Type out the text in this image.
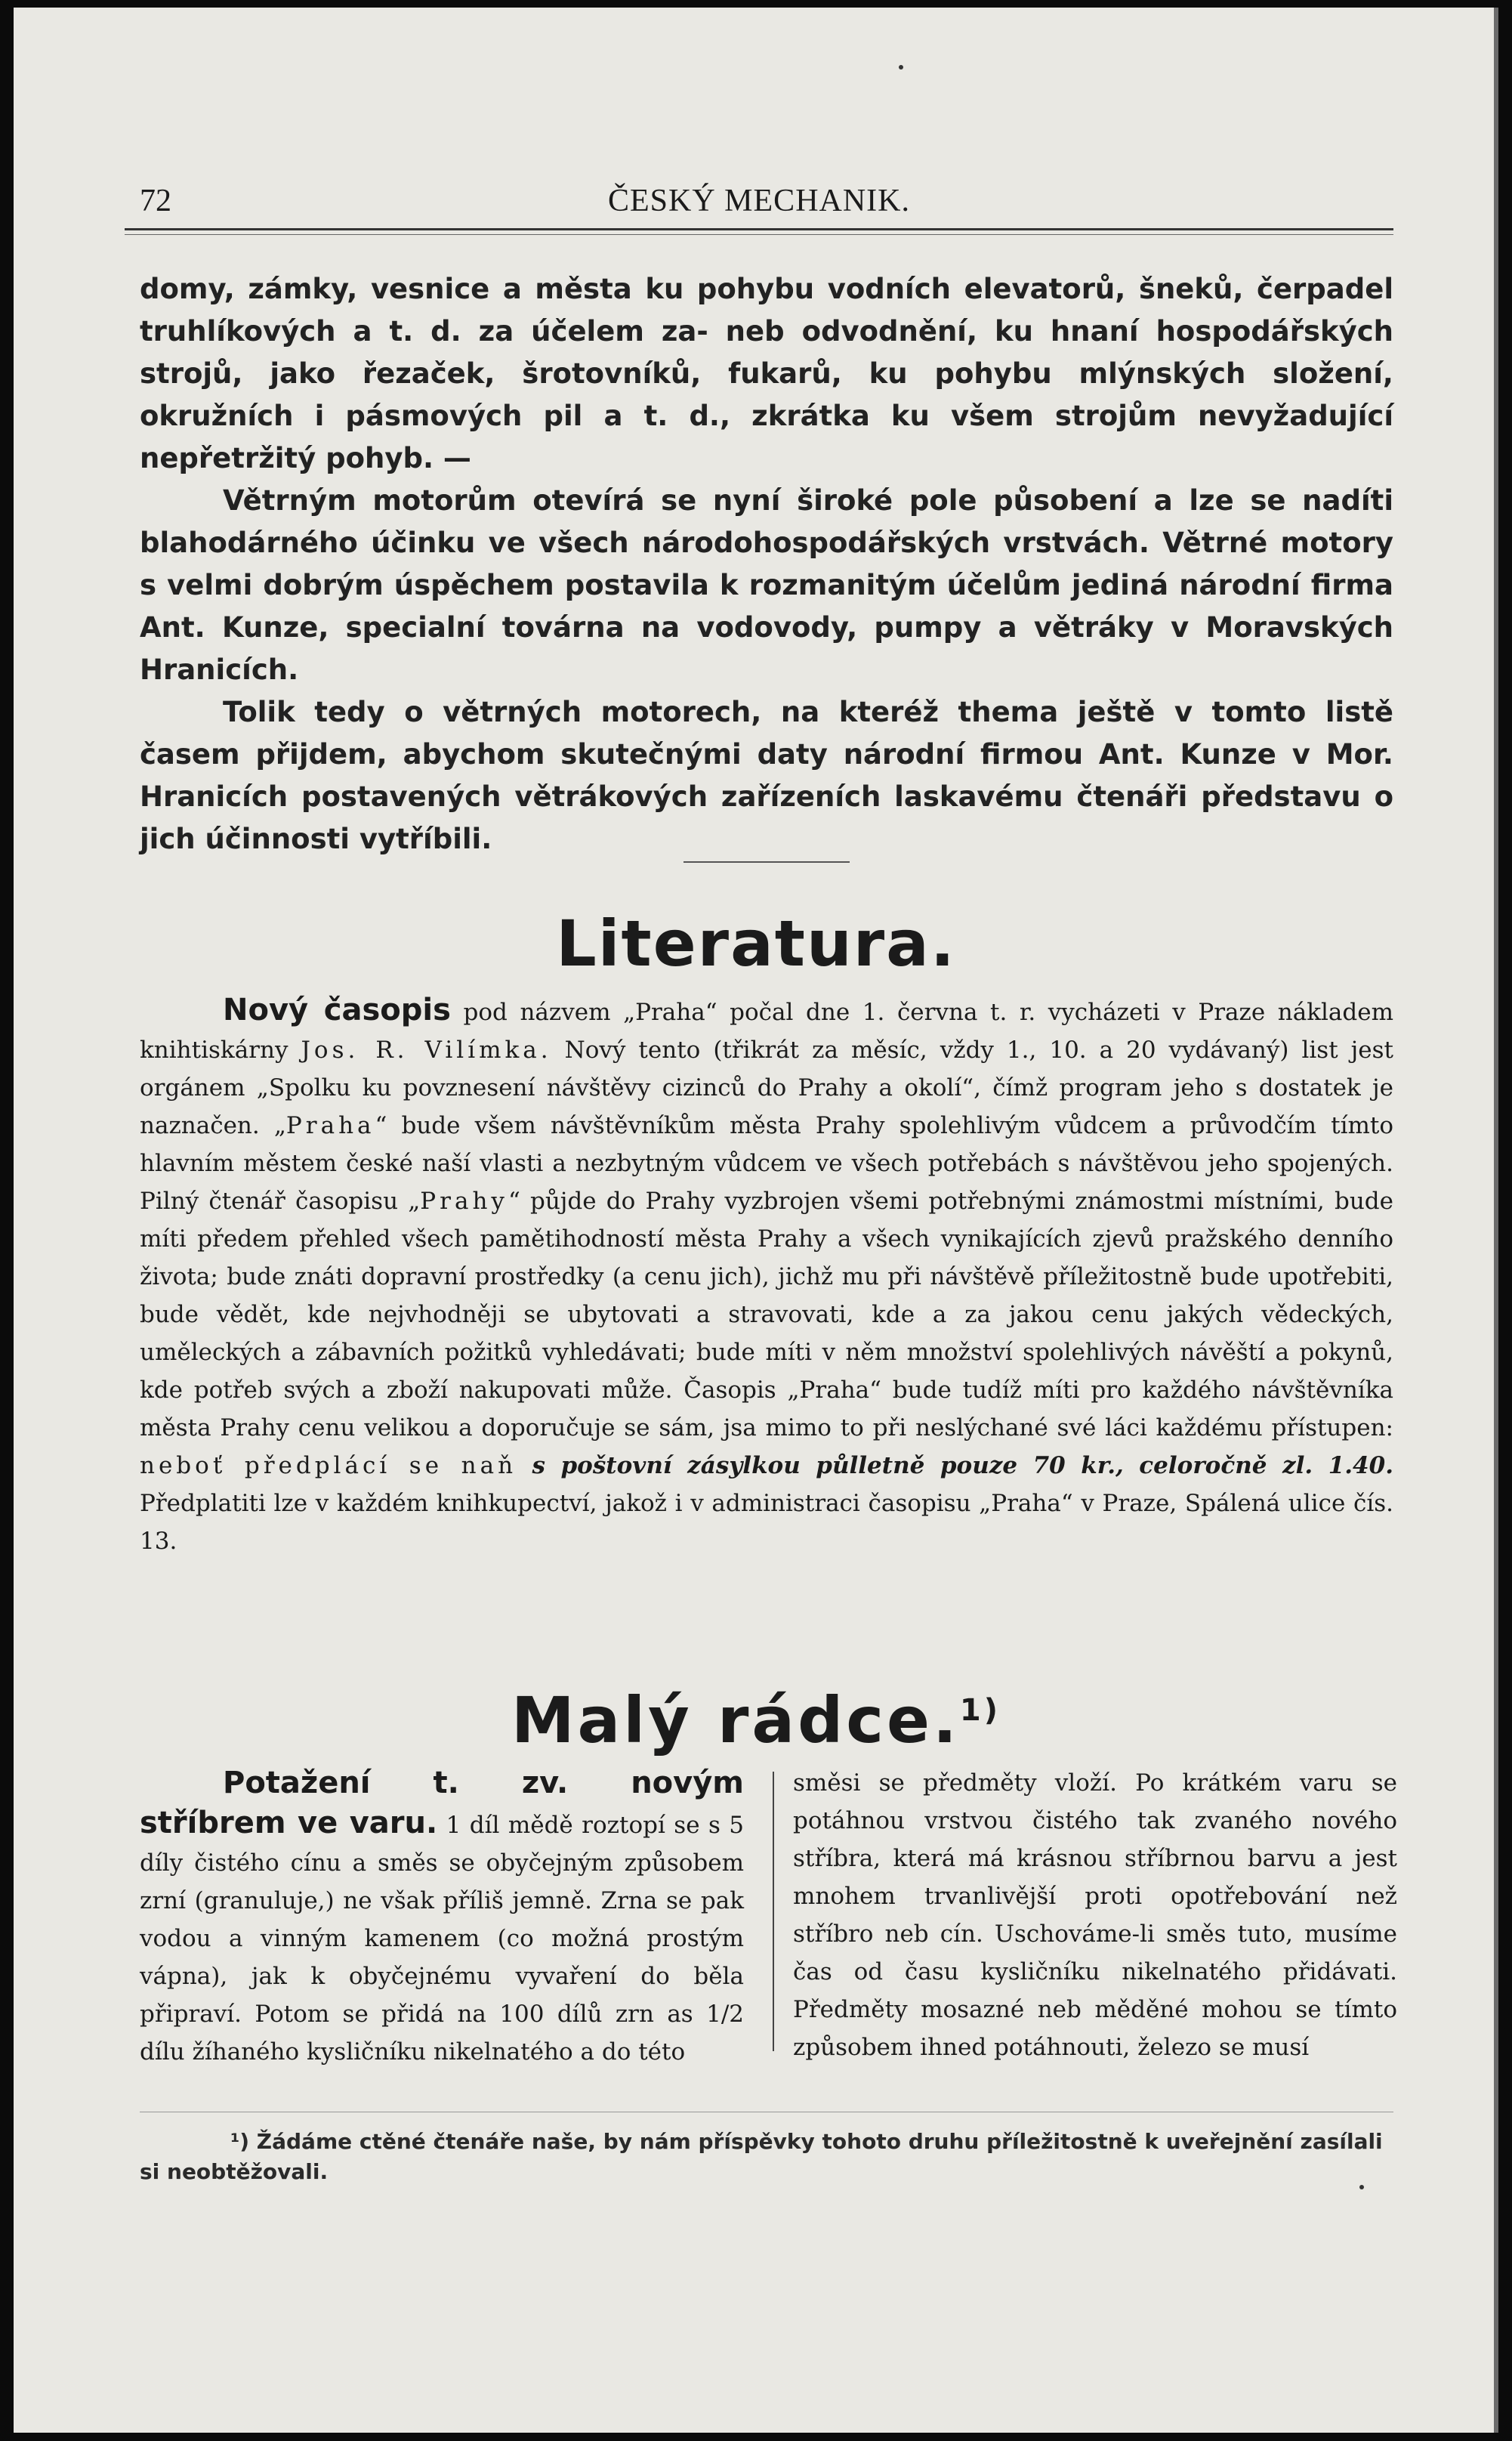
72	ČESKÝ MECHANIK.

domy, zámky, vesnice a města ku pohybu vodních elevatorů, šneků, čerpadel truhlíkových a t. d. za účelem za- neb odvodnění, ku hnaní hospodářských strojů, jako řezaček, šrotovníků, fukarů, ku pohybu mlýnských složení, okružních i pásmových pil a t. d., zkrátka ku všem strojům nevyžadující nepřetržitý pohyb. —

Větrným motorům otevírá se nyní široké pole působení a lze se nadíti blahodárného účinku ve všech národohospodářských vrstvách. Větrné motory s velmi dobrým úspěchem postavila k rozmanitým účelům jediná národní firma Ant. Kunze, specialní továrna na vodovody, pumpy a větráky v Moravských Hranicích.

Tolik tedy o větrných motorech, na kteréž thema ještě v tomto listě časem přijdem, abychom skutečnými daty národní firmou Ant. Kunze v Mor. Hranicích postavených větrákových zařízeních laskavému čtenáři představu o jich účinnosti vytříbili.

Literatura.

Nový časopis pod názvem „Praha“ počal dne 1. června t. r. vycházeti v Praze nákladem knihtiskárny Jos. R. Vilímka. Nový tento (třikrát za měsíc, vždy 1., 10. a 20 vydávaný) list jest orgánem „Spolku ku povznesení návštěvy cizinců do Prahy a okolí“, čímž program jeho s dostatek je naznačen. „Praha“ bude všem návštěvníkům města Prahy spolehlivým vůdcem a průvodčím tímto hlavním městem české naší vlasti a nezbytným vůdcem ve všech potřebách s návštěvou jeho spojených. Pilný čtenář časopisu „Prahy“ půjde do Prahy vyzbrojen všemi potřebnými známostmi místními, bude míti předem přehled všech pamětihodností města Prahy a všech vynikajících zjevů pražského denního života; bude znáti dopravní prostředky (a cenu jich), jichž mu při návštěvě příležitostně bude upotřebiti, bude vědět, kde nejvhodněji se ubytovati a stravovati, kde a za jakou cenu jakých vědeckých, uměleckých a zábavních požitků vyhledávati; bude míti v něm množství spolehlivých návěští a pokynů, kde potřeb svých a zboží nakupovati může. Časopis „Praha“ bude tudíž míti pro každého návštěvníka města Prahy cenu velikou a doporučuje se sám, jsa mimo to při neslýchané své láci každému přístupen: neboť předplácí se naň s poštovní zásylkou půlletně pouze 70 kr., celoročně zl. 1.40. Předplatiti lze v každém knihkupectví, jakož i v administraci časopisu „Praha“ v Praze, Spálená ulice čís. 13.

Malý rádce.$^{1)}$

Potažení t. zv. novým stříbrem ve varu. 1 díl mědě roztopí se s 5 díly čistého cínu a směs se obyčejným způsobem zrní (granuluje,) ne však příliš jemně. Zrna se pak vodou a vinným kamenem (co možná prostým vápna), jak k obyčejnému vyvaření do běla připraví. Potom se přidá na 100 dílů zrn as 1/2 dílu žíhaného kysličníku nikelnatého a do této

směsi se předměty vloží. Po krátkém varu se potáhnou vrstvou čistého tak zvaného nového stříbra, která má krásnou stříbrnou barvu a jest mnohem trvanlivější proti opotřebování než stříbro neb cín. Uschováme-li směs tuto, musíme čas od času kysličníku nikelnatého přidávati. Předměty mosazné neb měděné mohou se tímto způsobem ihned potáhnouti, železo se musí

¹) Žádáme ctěné čtenáře naše, by nám příspěvky tohoto druhu příležitostně k uveřejnění zasílali si neobtěžovali.
